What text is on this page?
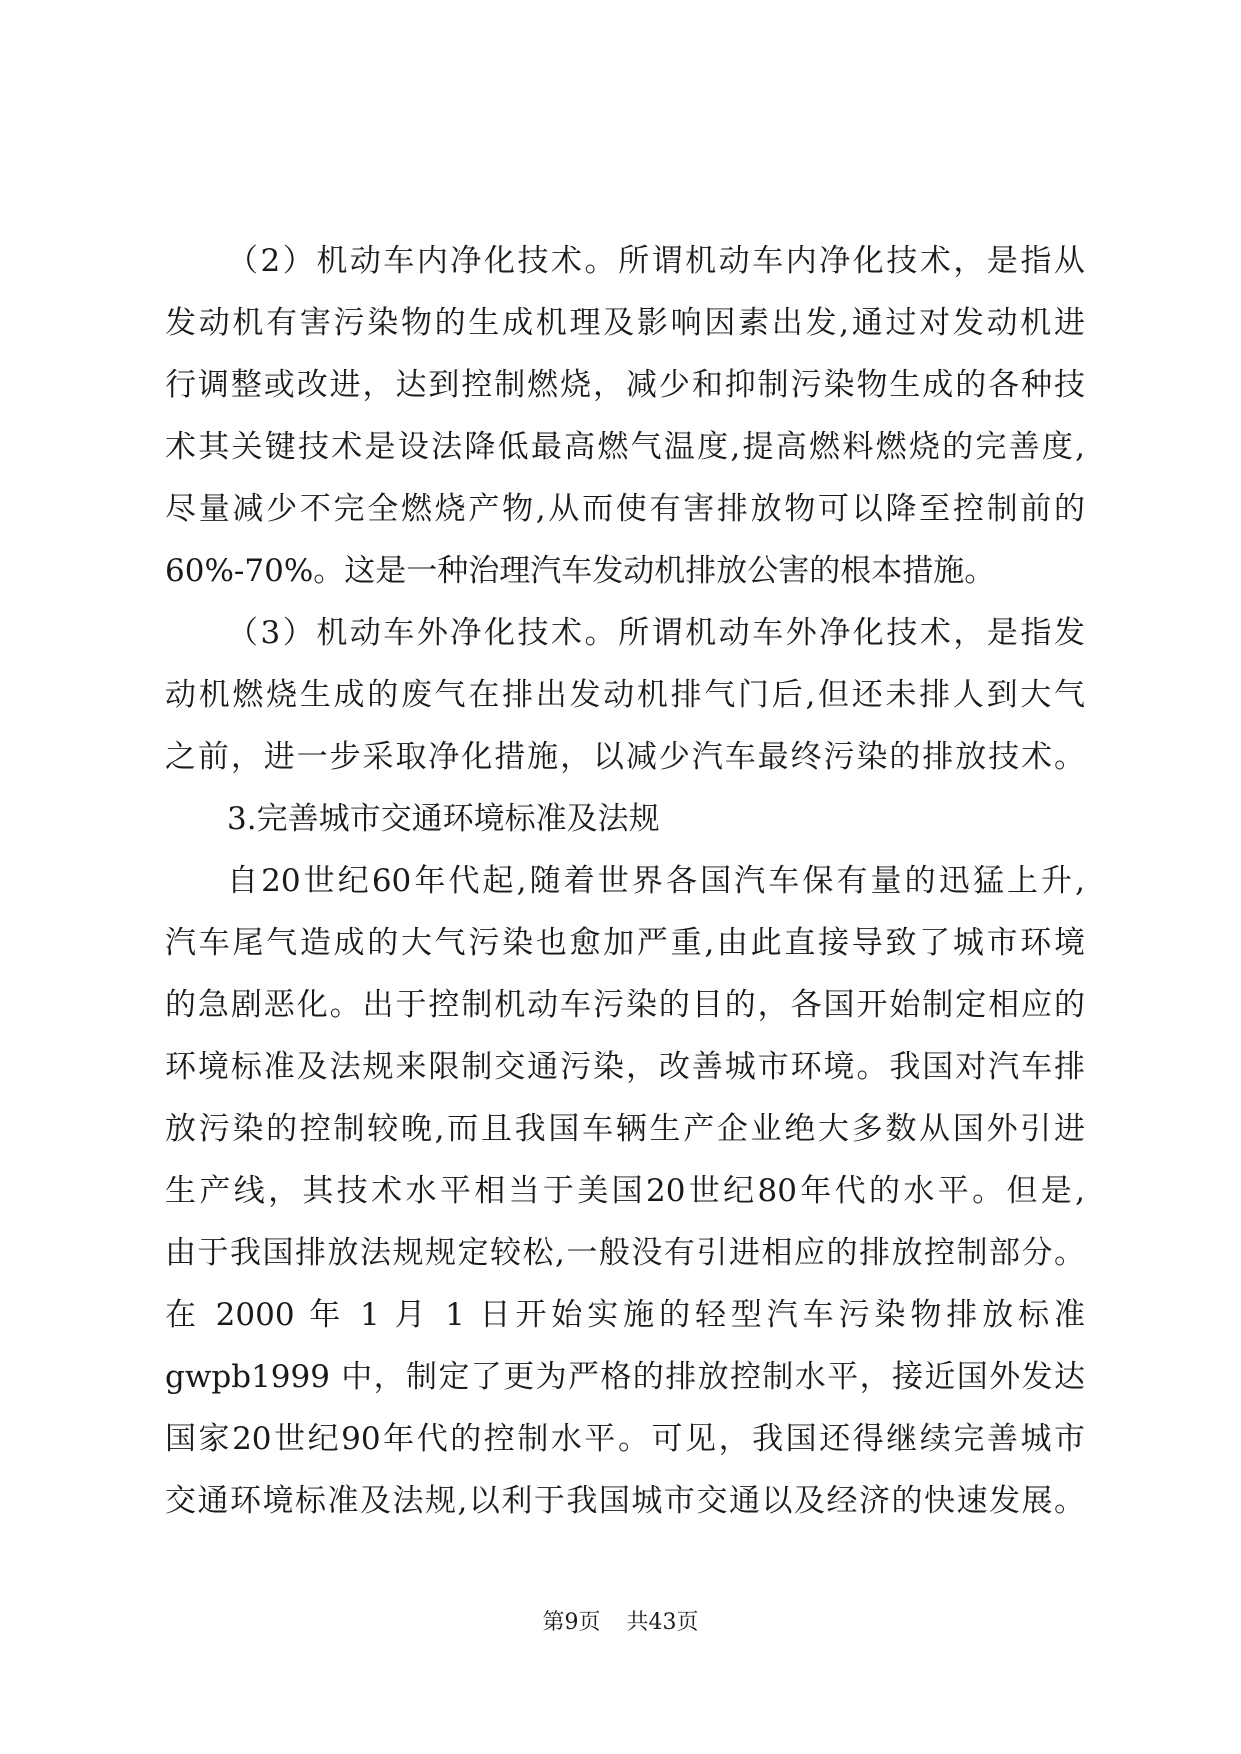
（2）机动车内净化技术。所谓机动车内净化技术，是指从
发动机有害污染物的生成机理及影响因素出发,通过对发动机进
行调整或改进，达到控制燃烧，减少和抑制污染物生成的各种技
术其关键技术是设法降低最高燃气温度,提高燃料燃烧的完善度,
尽量减少不完全燃烧产物,从而使有害排放物可以降至控制前的
60%-70%。这是一种治理汽车发动机排放公害的根本措施。
（3）机动车外净化技术。所谓机动车外净化技术，是指发
动机燃烧生成的废气在排出发动机排气门后,但还未排人到大气
之前，进一步采取净化措施，以减少汽车最终污染的排放技术。
3.完善城市交通环境标准及法规
自20世纪60年代起,随着世界各国汽车保有量的迅猛上升,
汽车尾气造成的大气污染也愈加严重,由此直接导致了城市环境
的急剧恶化。出于控制机动车污染的目的，各国开始制定相应的
环境标准及法规来限制交通污染，改善城市环境。我国对汽车排
放污染的控制较晚,而且我国车辆生产企业绝大多数从国外引进
生产线，其技术水平相当于美国20世纪80年代的水平。但是,
由于我国排放法规规定较松,一般没有引进相应的排放控制部分。
在 2000 年 1 月 1 日开始实施的轻型汽车污染物排放标准
gwpb1999 中，制定了更为严格的排放控制水平，接近国外发达
国家20世纪90年代的控制水平。可见，我国还得继续完善城市
交通环境标准及法规,以利于我国城市交通以及经济的快速发展。
第9页 共43页
